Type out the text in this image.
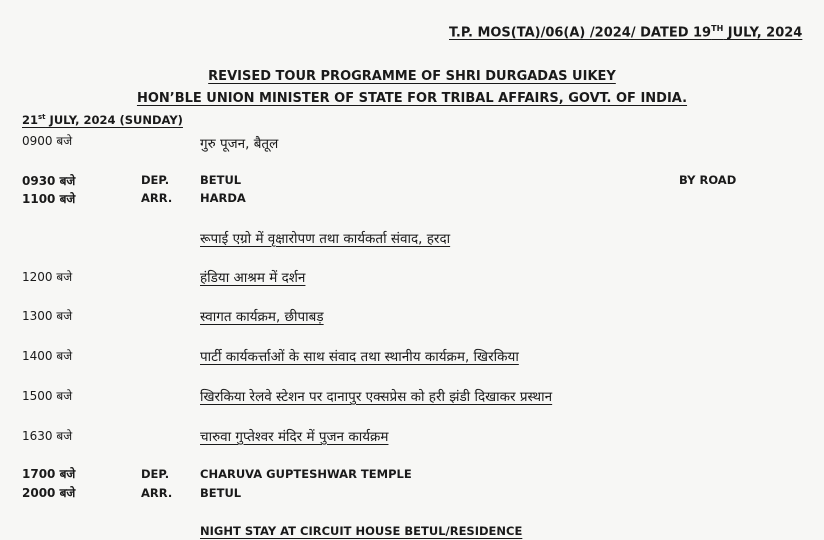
T.P. MOS(TA)/06(A) /2024/ DATED 19TH JULY, 2024
REVISED TOUR PROGRAMME OF SHRI DURGADAS UIKEY
HON’BLE UNION MINISTER OF STATE FOR TRIBAL AFFAIRS, GOVT. OF INDIA.
21st JULY, 2024 (SUNDAY)
0900 बजे	गुरु पूजन, बैतूल
0930 बजे	DEP.	BETUL	BY ROAD
1100 बजे	ARR. HARDA
रूपाई एग्रो में वृक्षारोपण तथा कार्यकर्ता संवाद, हरदा
1200 बजे	हंडिया आश्रम में दर्शन
1300 बजे	स्वागत कार्यक्रम, छीपाबड़
1400 बजे	पार्टी कार्यकर्त्ताओं के साथ संवाद तथा स्थानीय कार्यक्रम, खिरकिया
1500 बजे	खिरकिया रेलवे स्टेशन पर दानापुर एक्सप्रेस को हरी झंडी दिखाकर प्रस्थान
1630 बजे	चारुवा गुप्तेश्वर मंदिर में पुजन कार्यक्रम
1700 बजे	DEP.	CHARUVA GUPTESHWAR TEMPLE
2000 बजे	ARR. BETUL
NIGHT STAY AT CIRCUIT HOUSE BETUL/RESIDENCE
